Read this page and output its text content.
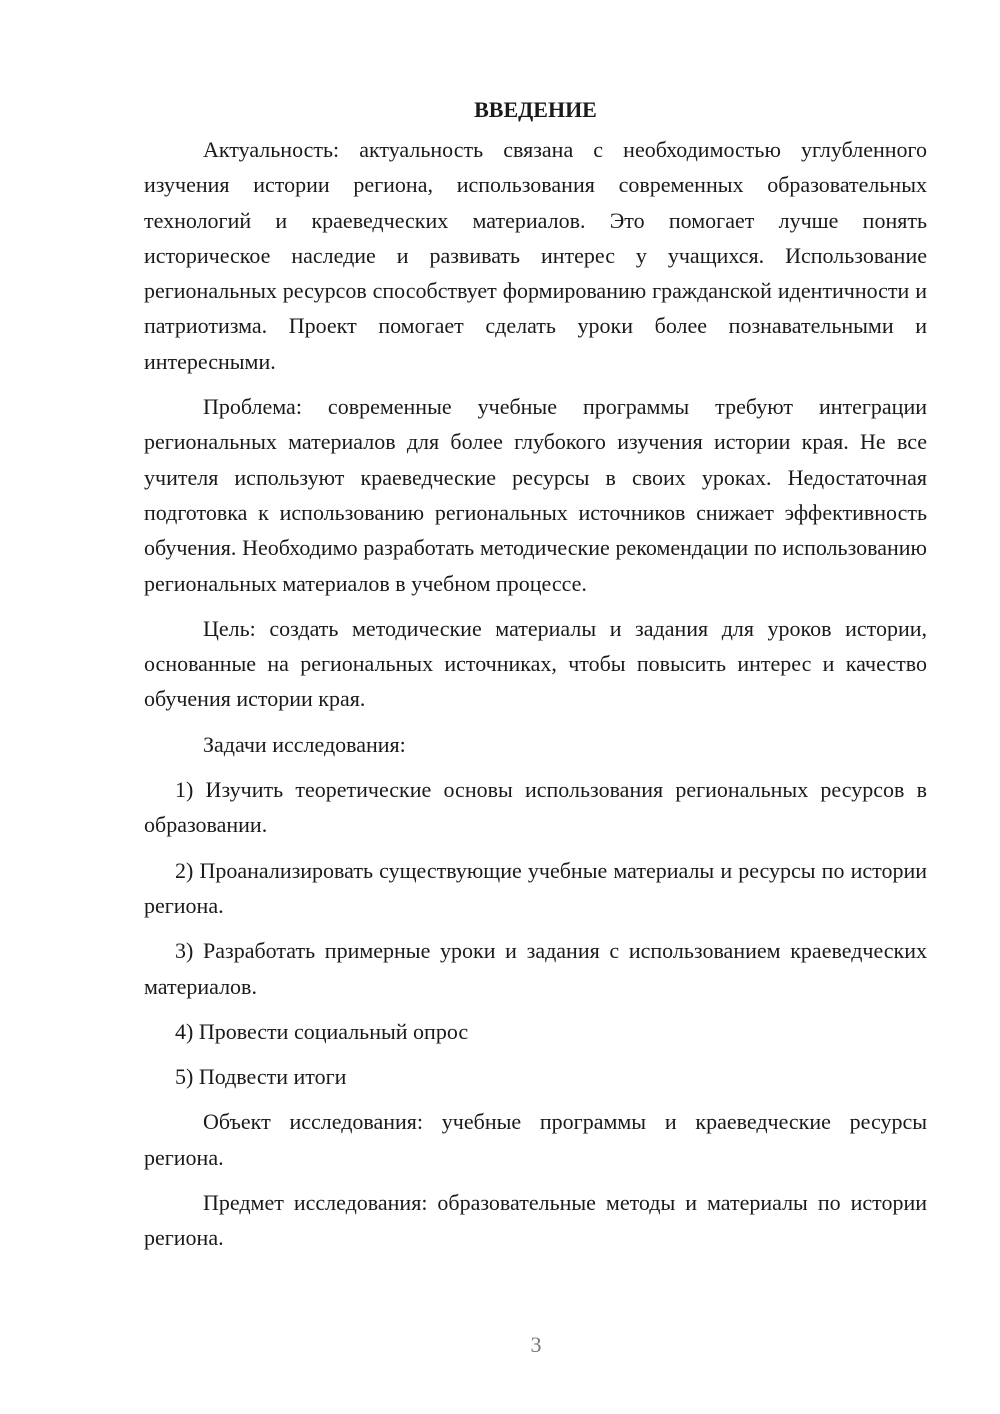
ВВЕДЕНИЕ

Актуальность: актуальность связана с необходимостью углубленного изучения истории региона, использования современных образовательных технологий и краеведческих материалов. Это помогает лучше понять историческое наследие и развивать интерес у учащихся. Использование региональных ресурсов способствует формированию гражданской идентичности и патриотизма. Проект помогает сделать уроки более познавательными и интересными.

Проблема: современные учебные программы требуют интеграции региональных материалов для более глубокого изучения истории края. Не все учителя используют краеведческие ресурсы в своих уроках. Недостаточная подготовка к использованию региональных источников снижает эффективность обучения. Необходимо разработать методические рекомендации по использованию региональных материалов в учебном процессе.

Цель: создать методические материалы и задания для уроков истории, основанные на региональных источниках, чтобы повысить интерес и качество обучения истории края.

Задачи исследования:

1) Изучить теоретические основы использования региональных ресурсов в образовании.

2) Проанализировать существующие учебные материалы и ресурсы по истории региона.

3) Разработать примерные уроки и задания с использованием краеведческих материалов.

4) Провести социальный опрос

5) Подвести итоги

Объект исследования: учебные программы и краеведческие ресурсы региона.

Предмет исследования: образовательные методы и материалы по истории региона.

3
